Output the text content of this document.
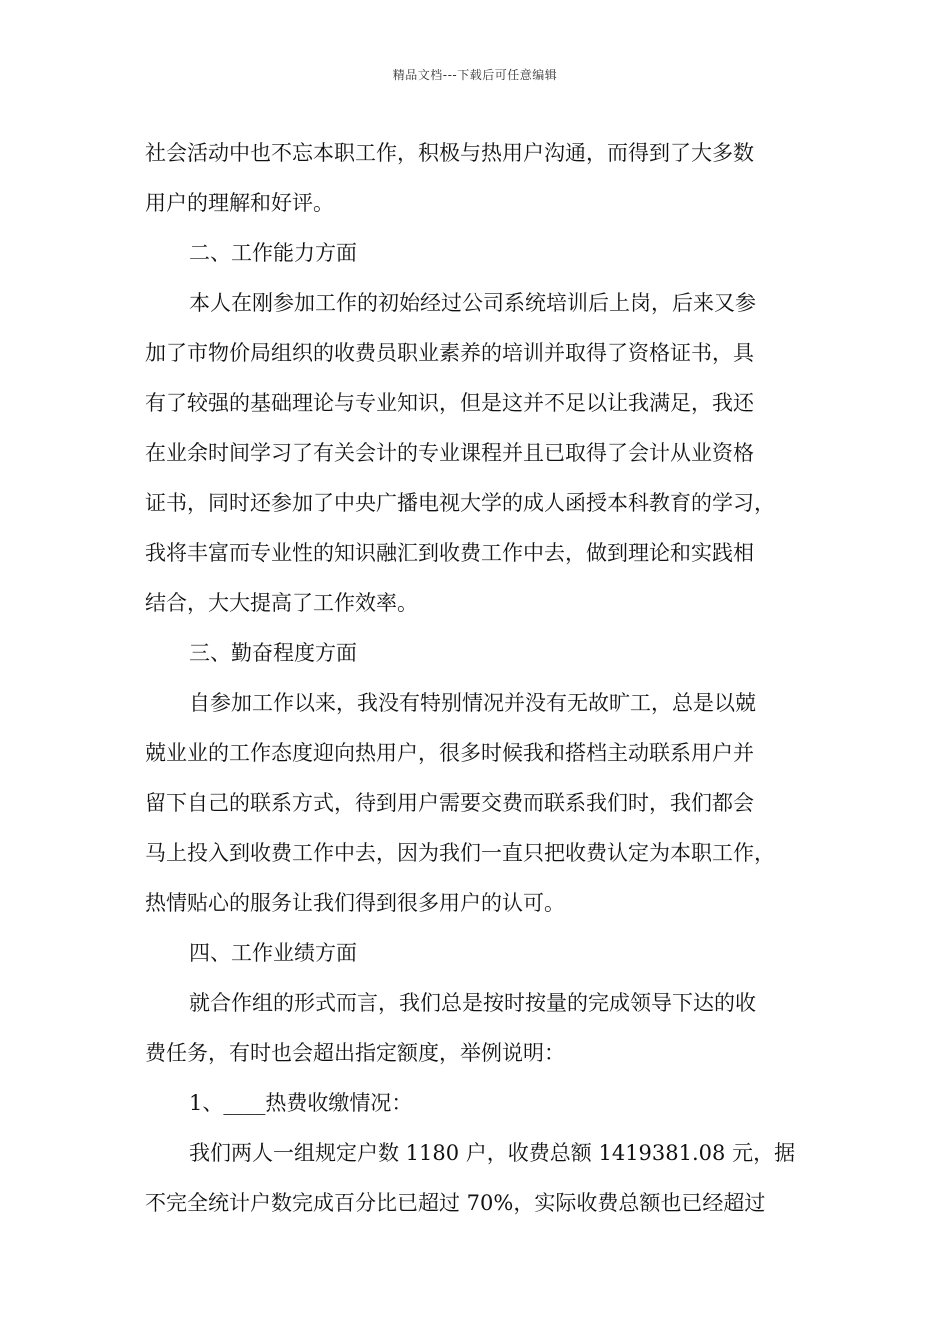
精品文档---下载后可任意编辑
社会活动中也不忘本职工作，积极与热用户沟通，而得到了大多数
用户的理解和好评。
二、工作能力方面
本人在刚参加工作的初始经过公司系统培训后上岗，后来又参
加了市物价局组织的收费员职业素养的培训并取得了资格证书，具
有了较强的基础理论与专业知识，但是这并不足以让我满足，我还
在业余时间学习了有关会计的专业课程并且已取得了会计从业资格
证书，同时还参加了中央广播电视大学的成人函授本科教育的学习，
我将丰富而专业性的知识融汇到收费工作中去，做到理论和实践相
结合，大大提高了工作效率。
三、勤奋程度方面
自参加工作以来，我没有特别情况并没有无故旷工，总是以兢
兢业业的工作态度迎向热用户，很多时候我和搭档主动联系用户并
留下自己的联系方式，待到用户需要交费而联系我们时，我们都会
马上投入到收费工作中去，因为我们一直只把收费认定为本职工作，
热情贴心的服务让我们得到很多用户的认可。
四、工作业绩方面
就合作组的形式而言，我们总是按时按量的完成领导下达的收
费任务，有时也会超出指定额度，举例说明：
1、____热费收缴情况：
我们两人一组规定户数 1180 户，收费总额 1419381.08 元，据
不完全统计户数完成百分比已超过 70%，实际收费总额也已经超过
